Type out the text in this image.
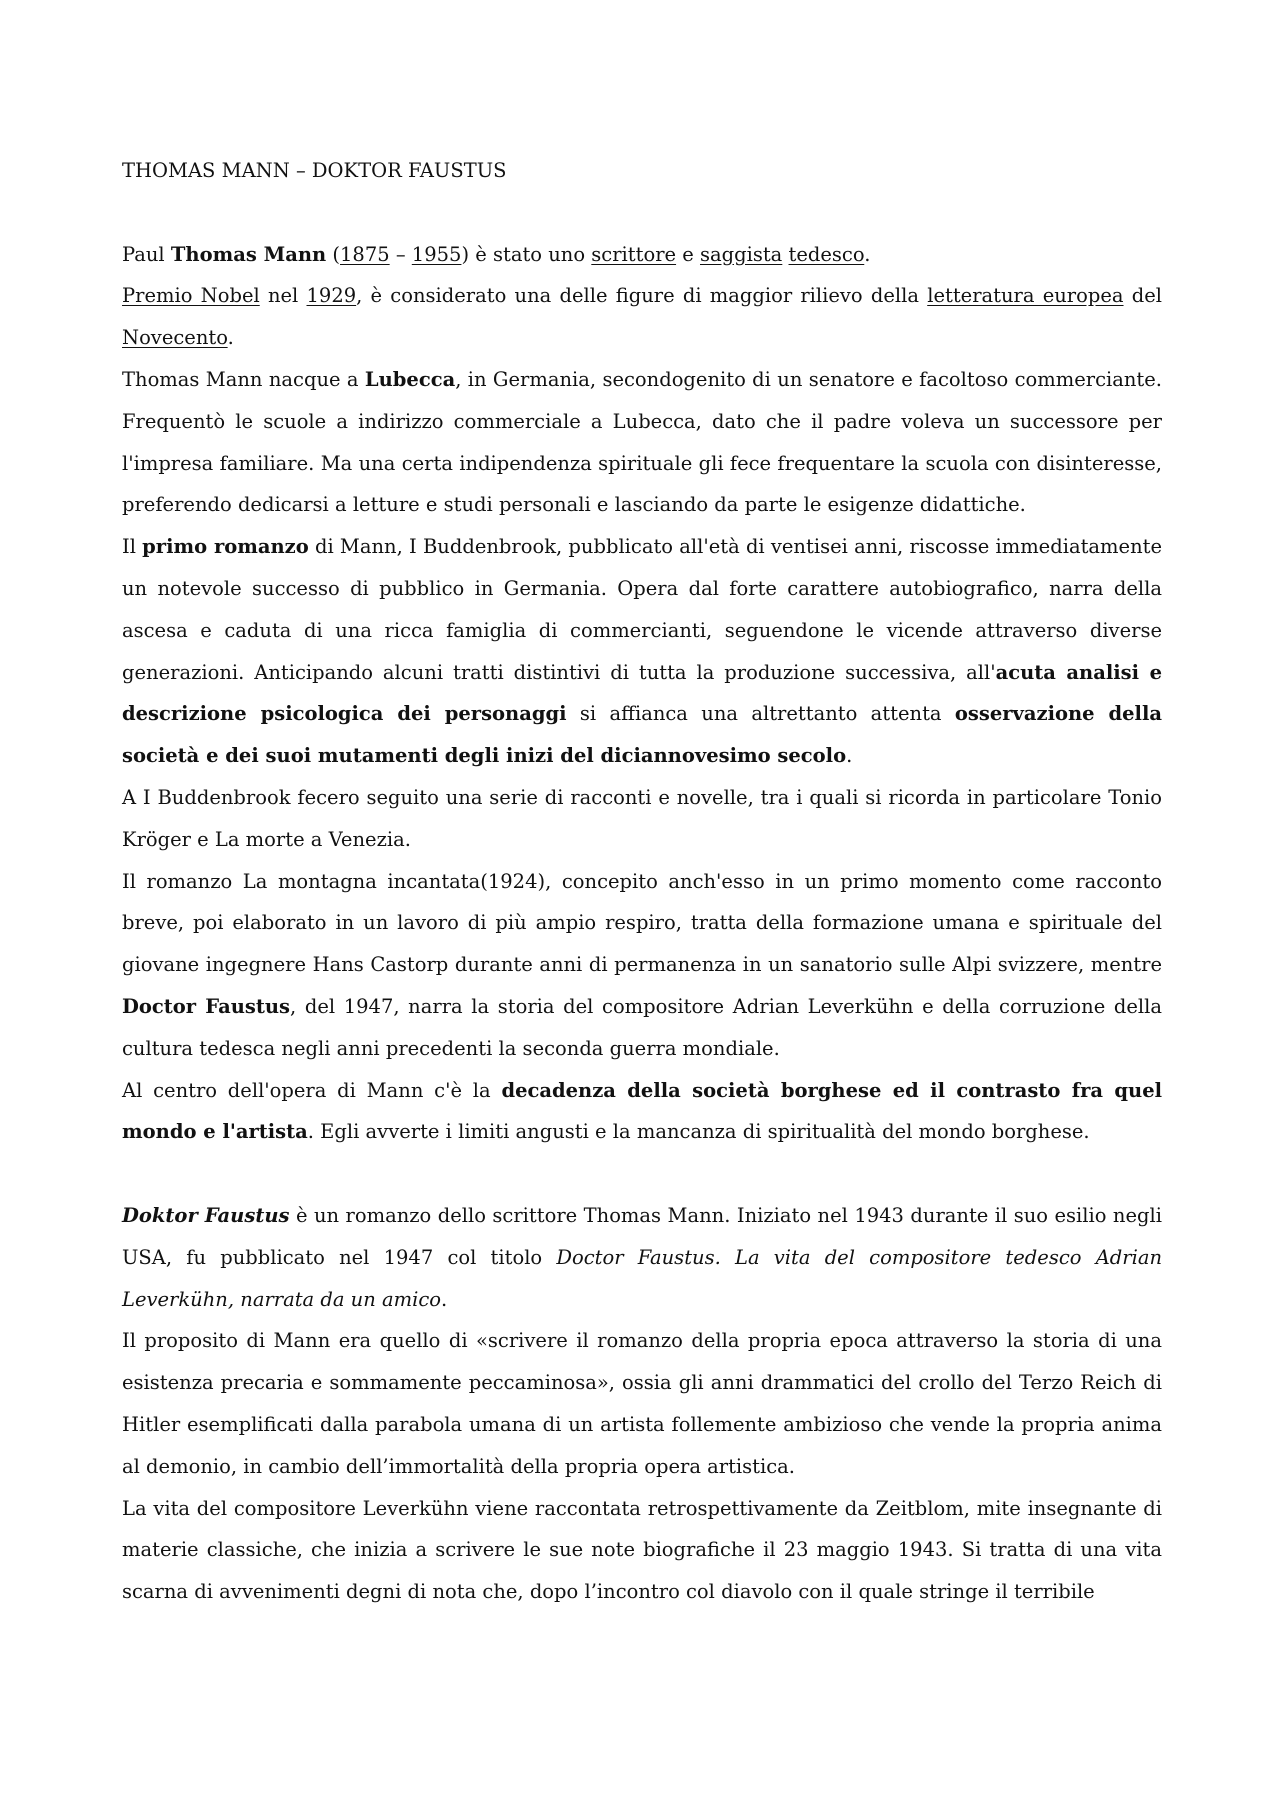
THOMAS MANN – DOKTOR FAUSTUS

Paul Thomas Mann (1875 – 1955) è stato uno scrittore e saggista tedesco.

Premio Nobel nel 1929, è considerato una delle figure di maggior rilievo della letteratura europea del Novecento.

Thomas Mann nacque a Lubecca, in Germania, secondogenito di un senatore e facoltoso commerciante. Frequentò le scuole a indirizzo commerciale a Lubecca, dato che il padre voleva un successore per l'impresa familiare. Ma una certa indipendenza spirituale gli fece frequentare la scuola con disinteresse, preferendo dedicarsi a letture e studi personali e lasciando da parte le esigenze didattiche.

Il primo romanzo di Mann, I Buddenbrook, pubblicato all'età di ventisei anni, riscosse immediatamente un notevole successo di pubblico in Germania. Opera dal forte carattere autobiografico, narra della ascesa e caduta di una ricca famiglia di commercianti, seguendone le vicende attraverso diverse generazioni. Anticipando alcuni tratti distintivi di tutta la produzione successiva, all'acuta analisi e descrizione psicologica dei personaggi si affianca una altrettanto attenta osservazione della società e dei suoi mutamenti degli inizi del diciannovesimo secolo.

A I Buddenbrook fecero seguito una serie di racconti e novelle, tra i quali si ricorda in particolare Tonio Kröger e La morte a Venezia.

Il romanzo La montagna incantata(1924), concepito anch'esso in un primo momento come racconto breve, poi elaborato in un lavoro di più ampio respiro, tratta della formazione umana e spirituale del giovane ingegnere Hans Castorp durante anni di permanenza in un sanatorio sulle Alpi svizzere, mentre Doctor Faustus, del 1947, narra la storia del compositore Adrian Leverkühn e della corruzione della cultura tedesca negli anni precedenti la seconda guerra mondiale.

Al centro dell'opera di Mann c'è la decadenza della società borghese ed il contrasto fra quel mondo e l'artista. Egli avverte i limiti angusti e la mancanza di spiritualità del mondo borghese.

Doktor Faustus è un romanzo dello scrittore Thomas Mann. Iniziato nel 1943 durante il suo esilio negli USA, fu pubblicato nel 1947 col titolo Doctor Faustus. La vita del compositore tedesco Adrian Leverkühn, narrata da un amico.

Il proposito di Mann era quello di «scrivere il romanzo della propria epoca attraverso la storia di una esistenza precaria e sommamente peccaminosa», ossia gli anni drammatici del crollo del Terzo Reich di Hitler esemplificati dalla parabola umana di un artista follemente ambizioso che vende la propria anima al demonio, in cambio dell’immortalità della propria opera artistica.

La vita del compositore Leverkühn viene raccontata retrospettivamente da Zeitblom, mite insegnante di materie classiche, che inizia a scrivere le sue note biografiche il 23 maggio 1943. Si tratta di una vita scarna di avvenimenti degni di nota che, dopo l’incontro col diavolo con il quale stringe il terribile
